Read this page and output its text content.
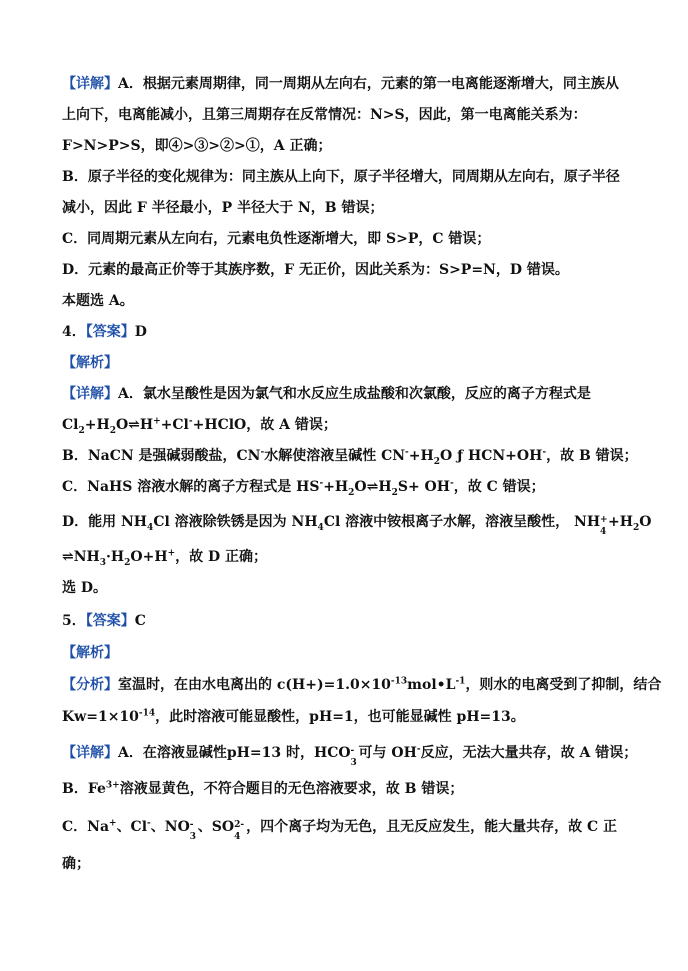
【详解】A．根据元素周期律，同一周期从左向右，元素的第一电离能逐渐增大，同主族从
上向下，电离能减小，且第三周期存在反常情况：N>S，因此，第一电离能关系为：
F>N>P>S，即④>③>②>①，A 正确；
B．原子半径的变化规律为：同主族从上向下，原子半径增大，同周期从左向右，原子半径
减小，因此 F 半径最小，P 半径大于 N，B 错误；
C．同周期元素从左向右，元素电负性逐渐增大，即 S>P，C 错误；
D．元素的最高正价等于其族序数，F 无正价，因此关系为：S>P=N，D 错误。
本题选 A。
4．【答案】D
【解析】
【详解】A．氯水呈酸性是因为氯气和水反应生成盐酸和次氯酸，反应的离子方程式是
$Cl_2+H_2O\rightleftharpoons H^++Cl^-+HClO$，故 A 错误；
B．NaCN 是强碱弱酸盐，CN-水解使溶液呈碱性 $CN^-+H_2O$ ƒ HCN+OH-，故 B 错误；
C．NaHS 溶液水解的离子方程式是 $HS^-+H_2O\rightleftharpoons H_2S+ OH^-$，故 C 错误；
D．能用 $NH_4Cl$ 溶液除铁锈是因为 $NH_4Cl$ 溶液中铵根离子水解，溶液呈酸性， NH +
4
$+H_2O$
$\rightleftharpoons NH_3\cdot H_2O+H^+$，故 D 正确；
选 D。
5．【答案】C
【解析】
【分析】室温时，在由水电离出的 $c(H+)=1.0\times 10^{-13}mol•L^{-1}$，则水的电离受到了抑制，结合
$Kw=1\times 10^{-14}$，此时溶液可能显酸性，pH=1，也可能显碱性 pH=13。
【详解】A．在溶液显碱性pH=13 时，HCO -
3
可与 OH-反应，无法大量共存，故 A 错误；
B．$Fe^{3+}$溶液显黄色，不符合题目的无色溶液要求，故 B 错误；
C．Na+、Cl-、NO -
3
、SO 2-
4
，四个离子均为无色，且无反应发生，能大量共存，故 C 正
确；
